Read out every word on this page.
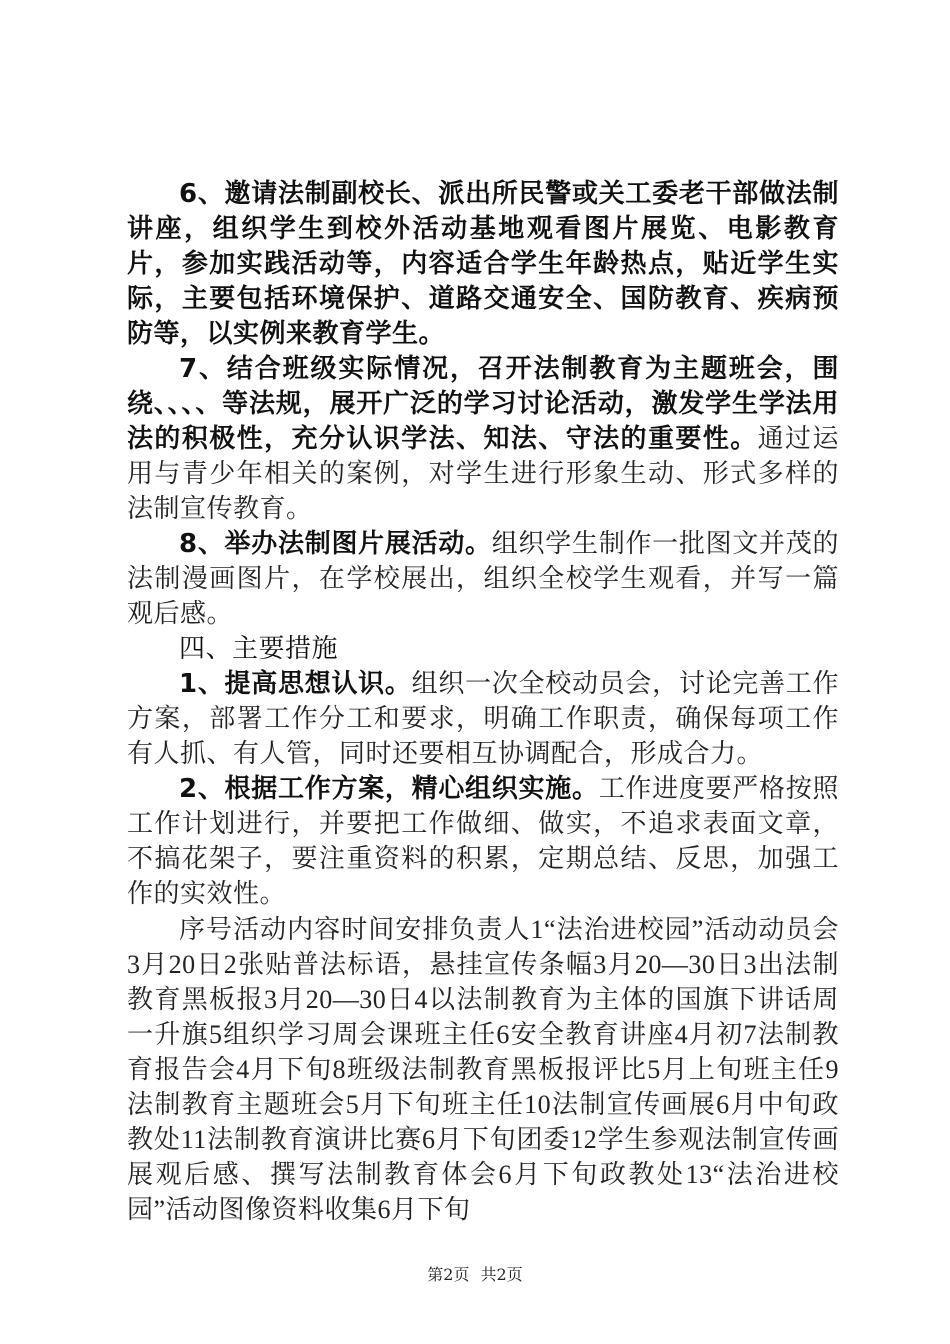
6、邀请法制副校长、派出所民警或关工委老干部做法制讲座，组织学生到校外活动基地观看图片展览、电影教育片，参加实践活动等，内容适合学生年龄热点，贴近学生实际，主要包括环境保护、道路交通安全、国防教育、疾病预防等，以实例来教育学生。

7、结合班级实际情况，召开法制教育为主题班会，围绕、、、、等法规，展开广泛的学习讨论活动，激发学生学法用法的积极性，充分认识学法、知法、守法的重要性。通过运用与青少年相关的案例，对学生进行形象生动、形式多样的法制宣传教育。

8、举办法制图片展活动。组织学生制作一批图文并茂的法制漫画图片，在学校展出，组织全校学生观看，并写一篇观后感。

四、主要措施

1、提高思想认识。组织一次全校动员会，讨论完善工作方案，部署工作分工和要求，明确工作职责，确保每项工作有人抓、有人管，同时还要相互协调配合，形成合力。

2、根据工作方案，精心组织实施。工作进度要严格按照工作计划进行，并要把工作做细、做实，不追求表面文章，不搞花架子，要注重资料的积累，定期总结、反思，加强工作的实效性。

序号活动内容时间安排负责人1“法治进校园”活动动员会3月20日2张贴普法标语，悬挂宣传条幅3月20—30日3出法制教育黑板报3月20—30日4以法制教育为主体的国旗下讲话周一升旗5组织学习周会课班主任6安全教育讲座4月初7法制教育报告会4月下旬8班级法制教育黑板报评比5月上旬班主任9法制教育主题班会5月下旬班主任10法制宣传画展6月中旬政教处11法制教育演讲比赛6月下旬团委12学生参观法制宣传画展观后感、撰写法制教育体会6月下旬政教处13“法治进校园”活动图像资料收集6月下旬

第2页 共2页
